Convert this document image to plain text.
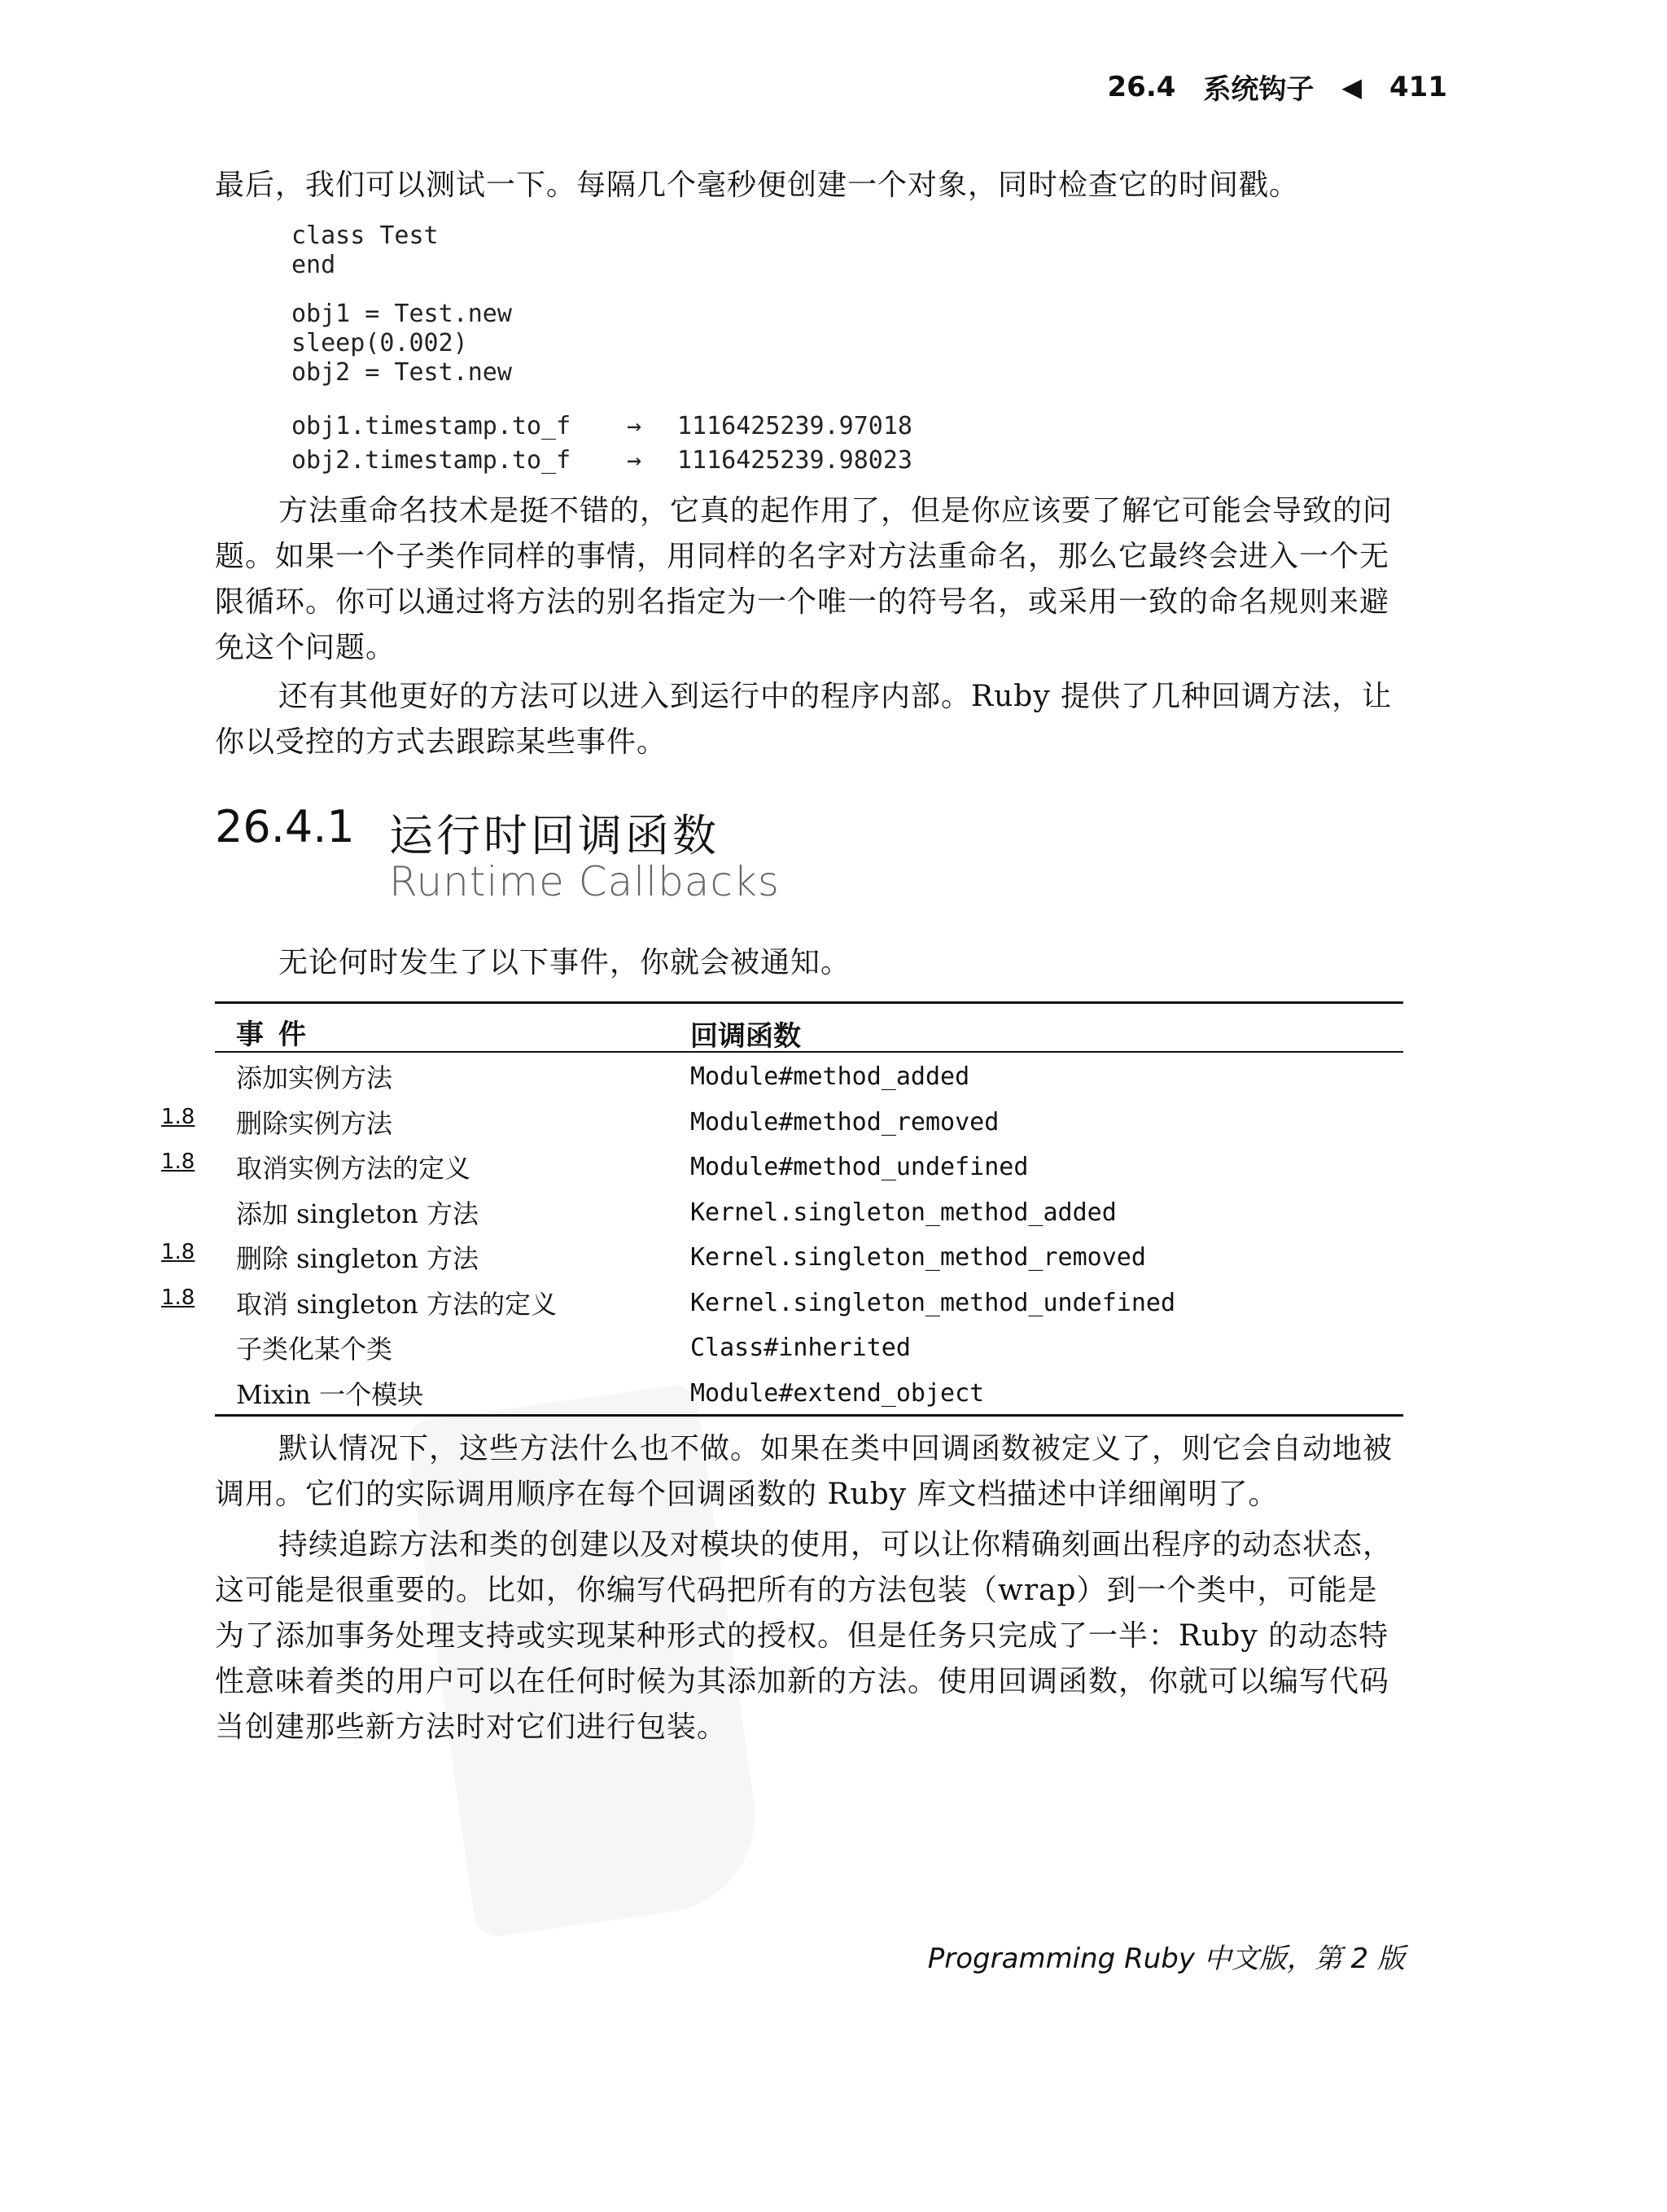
26.4 系统钩子 ◀ 411

最后，我们可以测试一下。每隔几个毫秒便创建一个对象，同时检查它的时间戳。

class Test
end
obj1 = Test.new
sleep(0.002)
obj2 = Test.new
obj1.timestamp.to_f → 1116425239.97018
obj2.timestamp.to_f → 1116425239.98023

方法重命名技术是挺不错的，它真的起作用了，但是你应该要了解它可能会导致的问题。如果一个子类作同样的事情，用同样的名字对方法重命名，那么它最终会进入一个无限循环。你可以通过将方法的别名指定为一个唯一的符号名，或采用一致的命名规则来避免这个问题。

还有其他更好的方法可以进入到运行中的程序内部。Ruby 提供了几种回调方法，让你以受控的方式去跟踪某些事件。

26.4.1 运行时回调函数
Runtime Callbacks

无论何时发生了以下事件，你就会被通知。

事件	回调函数
添加实例方法	Module#method_added
1.8 删除实例方法	Module#method_removed
1.8 取消实例方法的定义	Module#method_undefined
添加 singleton 方法	Kernel.singleton_method_added
1.8 删除 singleton 方法	Kernel.singleton_method_removed
1.8 取消 singleton 方法的定义	Kernel.singleton_method_undefined
子类化某个类	Class#inherited
Mixin 一个模块	Module#extend_object

默认情况下，这些方法什么也不做。如果在类中回调函数被定义了，则它会自动地被调用。它们的实际调用顺序在每个回调函数的 Ruby 库文档描述中详细阐明了。

持续追踪方法和类的创建以及对模块的使用，可以让你精确刻画出程序的动态状态，这可能是很重要的。比如，你编写代码把所有的方法包装（wrap）到一个类中，可能是为了添加事务处理支持或实现某种形式的授权。但是任务只完成了一半：Ruby 的动态特性意味着类的用户可以在任何时候为其添加新的方法。使用回调函数，你就可以编写代码当创建那些新方法时对它们进行包装。

Programming Ruby 中文版，第 2 版
